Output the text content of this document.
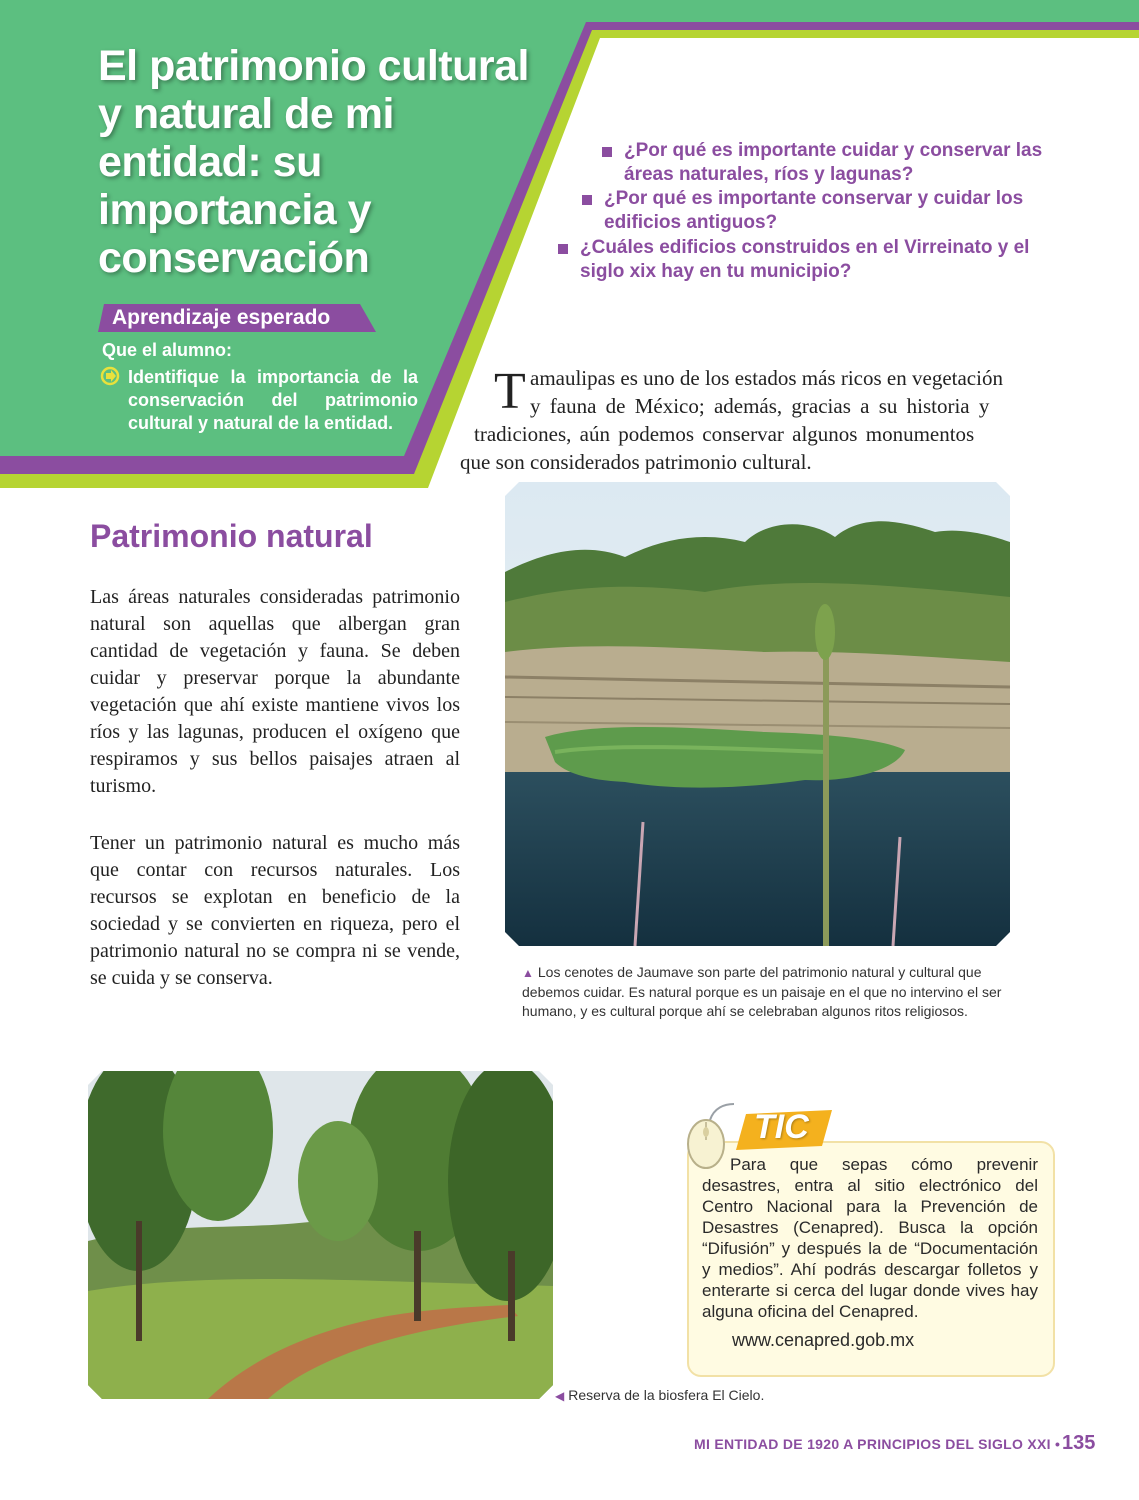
El patrimonio cultural
y natural de mi
entidad: su
importancia y
conservación
Aprendizaje esperado
Que el alumno:
Identifique la importancia de la conservación del patrimonio cultural y natural de la entidad.
¿Por qué es importante cuidar y conservar las
áreas naturales, ríos y lagunas?
¿Por qué es importante conservar y cuidar los
edificios antiguos?
¿Cuáles edificios construidos en el Virreinato y el
siglo xix hay en tu municipio?
T amaulipas es uno de los estados más ricos en vegetación
y fauna de México; además, gracias a su historia y
tradiciones, aún podemos conservar algunos monumentos
que son considerados patrimonio cultural.
Patrimonio natural

Las áreas naturales consideradas patrimonio natural son aquellas que albergan gran cantidad de vegetación y fauna. Se deben cuidar y preservar porque la abundante vegetación que ahí existe mantiene vivos los ríos y las lagunas, producen el oxígeno que respiramos y sus bellos paisajes atraen al turismo.

Tener un patrimonio natural es mucho más que contar con recursos naturales. Los recursos se explotan en beneficio de la sociedad y se convierten en riqueza, pero el patrimonio natural no se compra ni se vende, se cuida y se conserva.	▲ Los cenotes de Jaumave son parte del patrimonio natural y cultural que debemos cuidar. Es natural porque es un paisaje en el que no intervino el ser humano, y es cultural porque ahí se celebraban algunos ritos religiosos.
◀ Reserva de la biosfera El Cielo.
TIC
Para que sepas cómo prevenir desastres, entra al sitio electrónico del Centro Nacional para la Prevención de Desastres (Cenapred). Busca la opción “Difusión” y después la de “Documentación y medios”. Ahí podrás descargar folletos y enterarte si cerca del lugar donde vives hay alguna oficina del Cenapred.
www.cenapred.gob.mx
MI ENTIDAD DE 1920 A PRINCIPIOS DEL SIGLO XXI • 135
